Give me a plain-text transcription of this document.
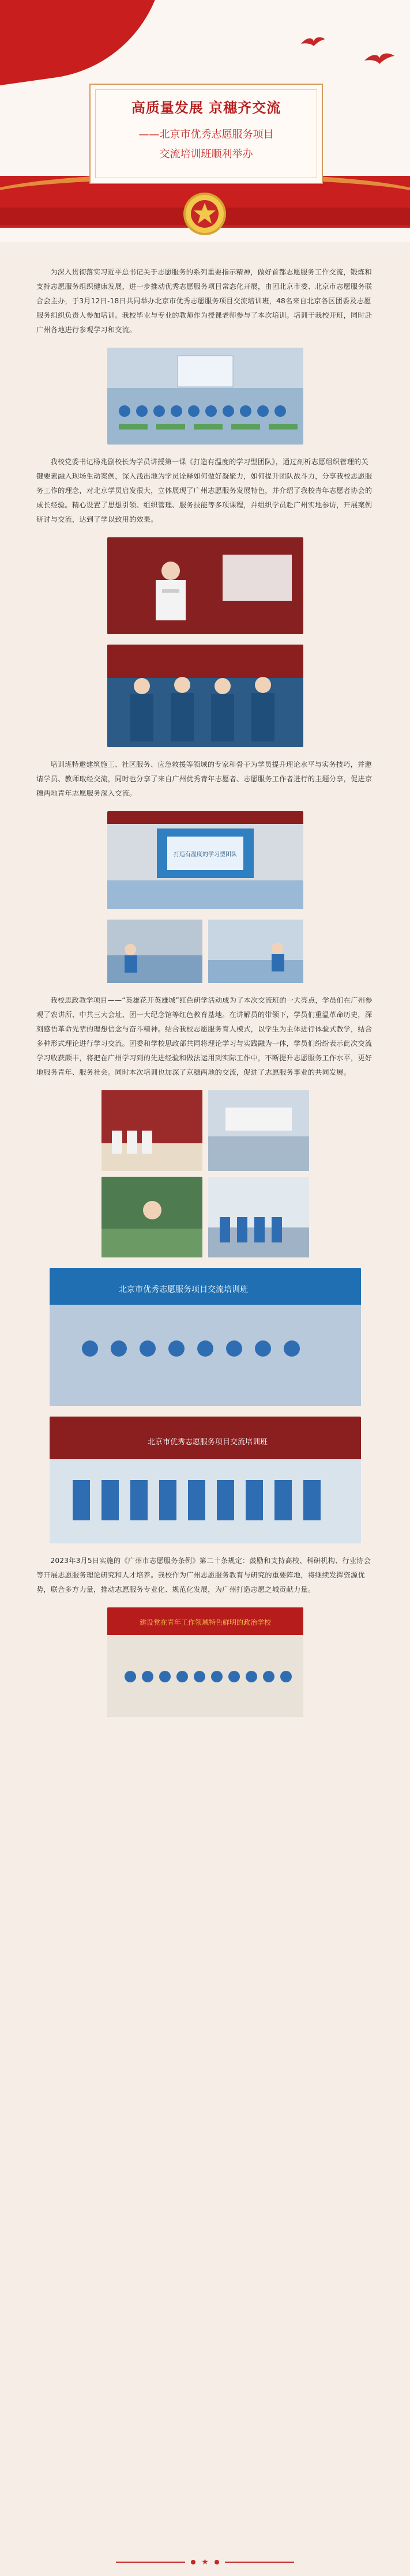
高质量发展 京穗齐交流
——北京市优秀志愿服务项目
交流培训班顺利举办

为深入贯彻落实习近平总书记关于志愿服务的系列重要指示精神，做好首都志愿服务工作交流，锻炼和支持志愿服务组织健康发展，进一步推动优秀志愿服务项目常态化开展，由团北京市委、北京市志愿服务联合会主办，于3月12日-18日共同举办北京市优秀志愿服务项目交流培训班，48名来自北京各区团委及志愿服务组织负责人参加培训。我校毕业与专业的教师作为授课老师参与了本次培训。培训于我校开班，同时赴广州各地进行参观学习和交流。

我校党委书记杨兆副校长为学员讲授第一课《打造有温度的学习型团队》，通过剖析志愿组织管理的关键要素融入现场生动案例，深入浅出地为学员诠释如何做好凝聚力，如何提升团队战斗力，分享我校志愿服务工作的理念，对北京学员启发很大，立体展现了广州志愿服务发展特色，并介绍了我校青年志愿者协会的成长经验。精心设置了思想引领、组织管理、服务技能等多项课程，并组织学员赴广州实地参访，开展案例研讨与交流，达到了学以致用的效果。

培训班特邀建筑施工、社区服务、应急救援等领域的专家和骨干为学员提升理论水平与实务技巧，并邀请学员、教师取经交流，同时也分享了来自广州优秀青年志愿者、志愿服务工作者进行的主题分享，促进京穗两地青年志愿服务深入交流。

打造有温度的学习型团队

我校思政教学项目——“英雄花开英雄城”红色研学活动成为了本次交流班的一大亮点，学员们在广州参观了农讲所、中共三大会址、团一大纪念馆等红色教育基地。在讲解员的带领下，学员们重温革命历史，深刻感悟革命先辈的理想信念与奋斗精神。结合我校志愿服务育人模式，以学生为主体进行体验式教学，结合多种形式理论进行学习交流。团委和学校思政部共同将理论学习与实践融为一体，学员们纷纷表示此次交流学习收获颇丰，将把在广州学习到的先进经验和做法运用到实际工作中，不断提升志愿服务工作水平，更好地服务青年、服务社会。同时本次培训也加深了京穗两地的交流，促进了志愿服务事业的共同发展。

北京市优秀志愿服务项目交流培训班
北京市优秀志愿服务项目交流培训班

2023年3月5日实施的《广州市志愿服务条例》第二十条规定：鼓励和支持高校、科研机构、行业协会等开展志愿服务理论研究和人才培养。我校作为广州志愿服务教育与研究的重要阵地，将继续发挥资源优势，联合多方力量，推动志愿服务专业化、规范化发展，为广州打造志愿之城贡献力量。

建设党在青年工作领域特色鲜明的政治学校
★
